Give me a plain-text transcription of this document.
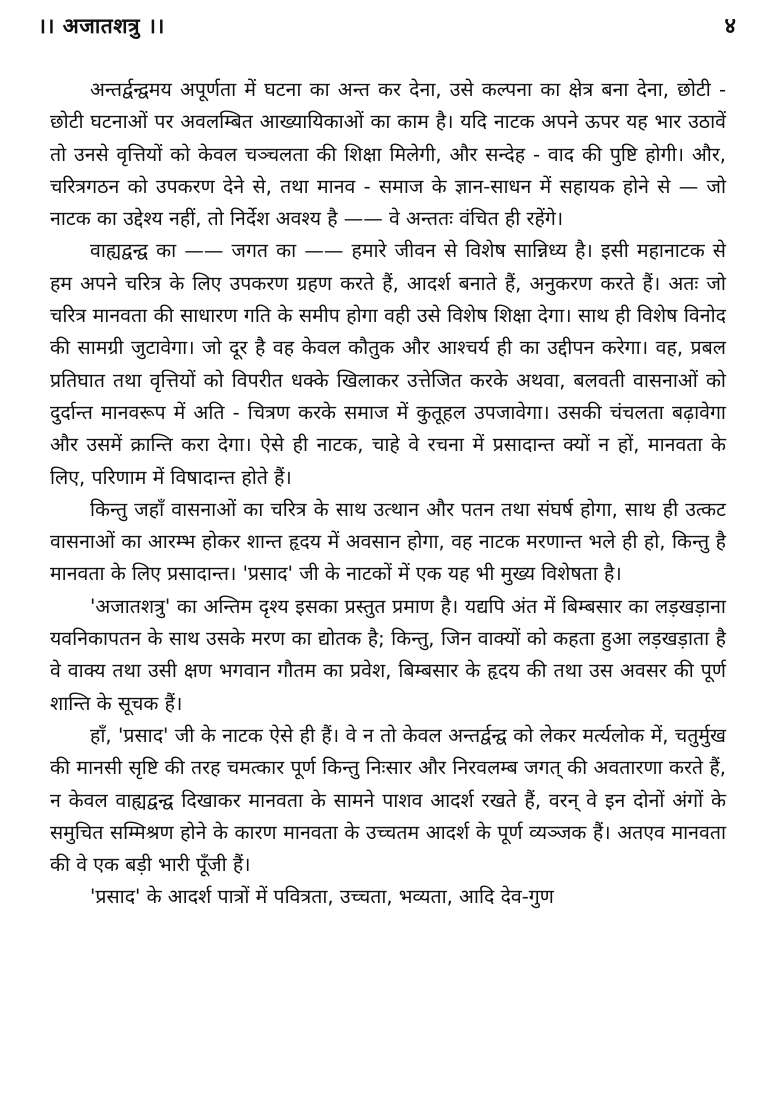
।। अजातशत्रु ।।	४

अन्तर्द्वन्द्वमय अपूर्णता में घटना का अन्त कर देना, उसे कल्पना का क्षेत्र बना देना, छोटी - छोटी घटनाओं पर अवलम्बित आख्यायिकाओं का काम है। यदि नाटक अपने ऊपर यह भार उठावें तो उनसे वृत्तियों को केवल चञ्चलता की शिक्षा मिलेगी, और सन्देह - वाद की पुष्टि होगी। और, चरित्रगठन को उपकरण देने से, तथा मानव - समाज के ज्ञान-साधन में सहायक होने से — जो नाटक का उद्देश्य नहीं, तो निर्देश अवश्य है —— वे अन्ततः वंचित ही रहेंगे।

वाह्यद्वन्द्व का —— जगत का —— हमारे जीवन से विशेष सान्निध्य है। इसी महानाटक से हम अपने चरित्र के लिए उपकरण ग्रहण करते हैं, आदर्श बनाते हैं, अनुकरण करते हैं। अतः जो चरित्र मानवता की साधारण गति के समीप होगा वही उसे विशेष शिक्षा देगा। साथ ही विशेष विनोद की सामग्री जुटावेगा। जो दूर है वह केवल कौतुक और आश्चर्य ही का उद्दीपन करेगा। वह, प्रबल प्रतिघात तथा वृत्तियों को विपरीत धक्के खिलाकर उत्तेजित करके अथवा, बलवती वासनाओं को दुर्दान्त मानवरूप में अति - चित्रण करके समाज में कुतूहल उपजावेगा। उसकी चंचलता बढ़ावेगा और उसमें क्रान्ति करा देगा। ऐसे ही नाटक, चाहे वे रचना में प्रसादान्त क्यों न हों, मानवता के लिए, परिणाम में विषादान्त होते हैं।

किन्तु जहाँ वासनाओं का चरित्र के साथ उत्थान और पतन तथा संघर्ष होगा, साथ ही उत्कट वासनाओं का आरम्भ होकर शान्त हृदय में अवसान होगा, वह नाटक मरणान्त भले ही हो, किन्तु है मानवता के लिए प्रसादान्त। 'प्रसाद' जी के नाटकों में एक यह भी मुख्य विशेषता है।

'अजातशत्रु' का अन्तिम दृश्य इसका प्रस्तुत प्रमाण है। यद्यपि अंत में बिम्बसार का लड़खड़ाना यवनिकापतन के साथ उसके मरण का द्योतक है; किन्तु, जिन वाक्यों को कहता हुआ लड़खड़ाता है वे वाक्य तथा उसी क्षण भगवान गौतम का प्रवेश, बिम्बसार के हृदय की तथा उस अवसर की पूर्ण शान्ति के सूचक हैं।

हाँ, 'प्रसाद' जी के नाटक ऐसे ही हैं। वे न तो केवल अन्तर्द्वन्द्व को लेकर मर्त्यलोक में, चतुर्मुख की मानसी सृष्टि की तरह चमत्कार पूर्ण किन्तु निःसार और निरवलम्ब जगत् की अवतारणा करते हैं, न केवल वाह्यद्वन्द्व दिखाकर मानवता के सामने पाशव आदर्श रखते हैं, वरन् वे इन दोनों अंगों के समुचित सम्मिश्रण होने के कारण मानवता के उच्चतम आदर्श के पूर्ण व्यञ्जक हैं। अतएव मानवता की वे एक बड़ी भारी पूँजी हैं।

'प्रसाद' के आदर्श पात्रों में पवित्रता, उच्चता, भव्यता, आदि देव-गुण
